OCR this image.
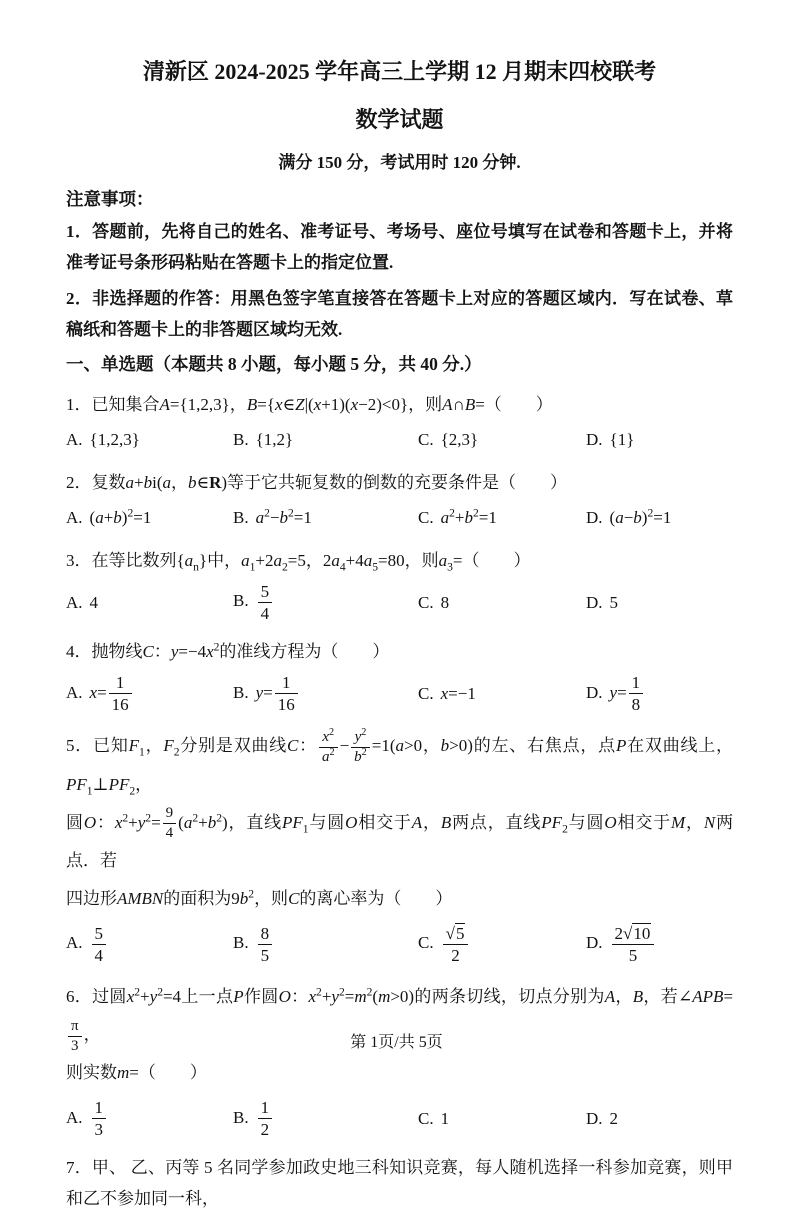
清新区 2024-2025 学年高三上学期 12 月期末四校联考
数学试题

满分 150 分，考试用时 120 分钟.

注意事项：

1．答题前，先将自己的姓名、准考证号、考场号、座位号填写在试卷和答题卡上，并将准考证号条形码粘贴在答题卡上的指定位置.

2．非选择题的作答：用黑色签字笔直接答在答题卡上对应的答题区域内．写在试卷、草稿纸和答题卡上的非答题区域均无效.

一、单选题（本题共 8 小题，每小题 5 分，共 40 分.）

1．已知集合A={1,2,3}，B={x∈Z|(x+1)(x−2)<0}，则A∩B=（　　）

A. {1,2,3}	B. {1,2}	C. {2,3}	D. {1}

2．复数a+bi(a，b∈R)等于它共轭复数的倒数的充要条件是（　　）

A. $(a+b)^2=1$	B. $a^2-b^2=1$	C. $a^2+b^2=1$	D. $(a-b)^2=1$

3．在等比数列$\{a_n\}$中，$a_1+2a_2=5$，$2a_4+4a_5=80$，则$a_3=$（　　）

A. 4	B. $\frac{5}{4}$	C. 8	D. 5

4．抛物线C：$y=-4x^2$的准线方程为（　　）

A. $x= \frac{1}{16}$	B. $y= \frac{1}{16}$	C. x=−1	D. $y= \frac{1}{8}$

5．已知$F_1$，$F_2$分别是双曲线C： $\frac{x^2}{a^2} - \frac{y^2}{b^2} =1(a>0$，b>0)的左、右焦点，点P在双曲线上，$PF_1\perp PF_2$，
圆O：$x^2+y^2= \frac{9}{4} (a^2+b^2)$，直线$PF_1$与圆O相交于A，B两点，直线$PF_2$与圆O相交于M，N两点．若
四边形AMBN的面积为$9b^2$，则C的离心率为（　　）

A. $\frac{5}{4}$	B. $\frac{8}{5}$	C. $\frac{√5}{2}$	D. $\frac{2√10}{5}$

6．过圆$x^2+y^2=4$上一点P作圆O：$x^2+y^2=m^2(m>0)$的两条切线，切点分别为A，B，若∠APB=
$\frac{\pi}{3}$ ，
则实数m=（　　）

A. $\frac{1}{3}$	B. $\frac{1}{2}$	C. 1	D. 2

7．甲、 乙、丙等 5 名同学参加政史地三科知识竞赛，每人随机选择一科参加竞赛，则甲和乙不参加同一科，

第 1页/共 5页
